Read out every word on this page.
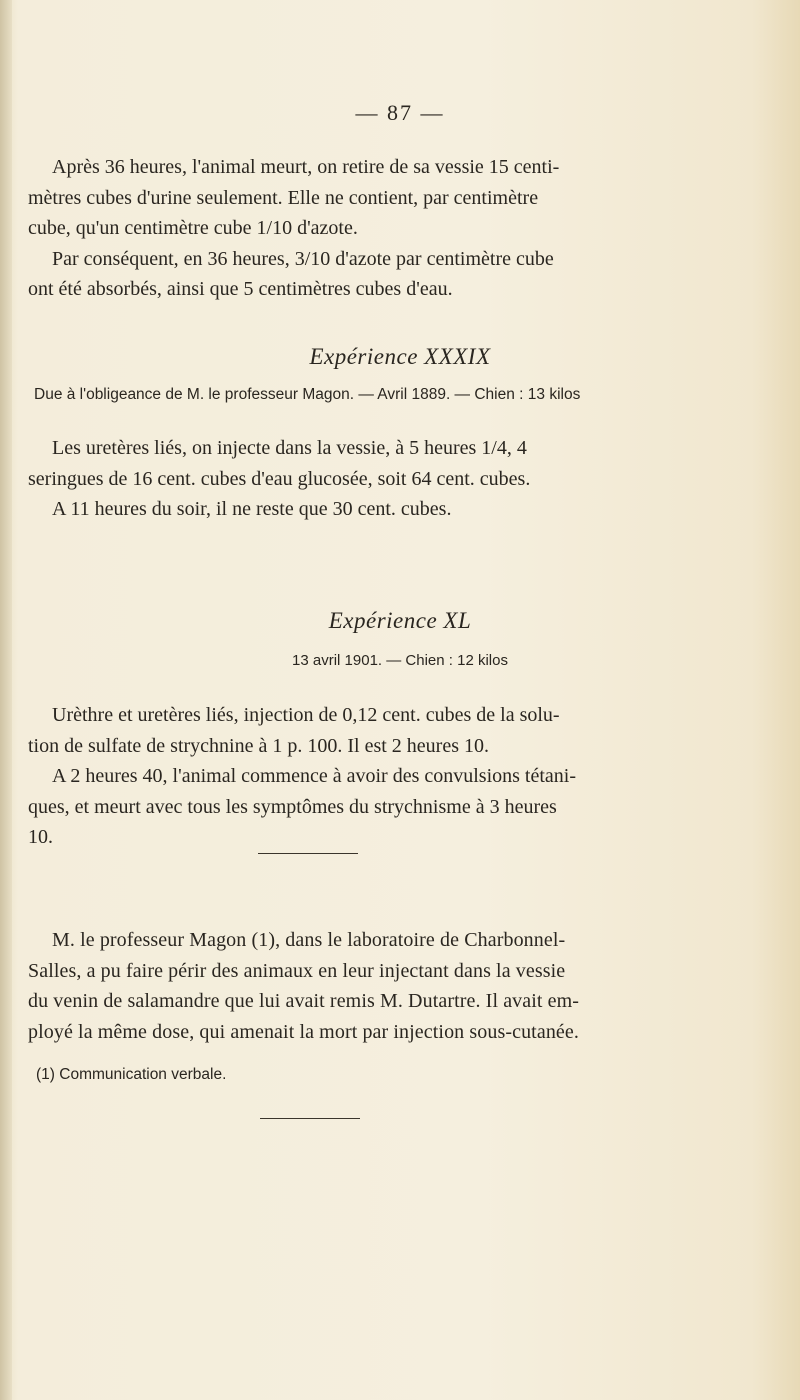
— 87 —
Après 36 heures, l'animal meurt, on retire de sa vessie 15 centi-
mètres cubes d'urine seulement. Elle ne contient, par centimètre
cube, qu'un centimètre cube 1/10 d'azote.
Par conséquent, en 36 heures, 3/10 d'azote par centimètre cube
ont été absorbés, ainsi que 5 centimètres cubes d'eau.
Expérience XXXIX
Due à l'obligeance de M. le professeur Magon. — Avril 1889. — Chien : 13 kilos
Les uretères liés, on injecte dans la vessie, à 5 heures 1/4, 4
seringues de 16 cent. cubes d'eau glucosée, soit 64 cent. cubes.
A 11 heures du soir, il ne reste que 30 cent. cubes.
Expérience XL
13 avril 1901. — Chien : 12 kilos
Urèthre et uretères liés, injection de 0,12 cent. cubes de la solu-
tion de sulfate de strychnine à 1 p. 100. Il est 2 heures 10.
A 2 heures 40, l'animal commence à avoir des convulsions tétani-
ques, et meurt avec tous les symptômes du strychnisme à 3 heures
10.
M. le professeur Magon (1), dans le laboratoire de Charbonnel-
Salles, a pu faire périr des animaux en leur injectant dans la vessie
du venin de salamandre que lui avait remis M. Dutartre. Il avait em-
ployé la même dose, qui amenait la mort par injection sous-cutanée.
(1) Communication verbale.
